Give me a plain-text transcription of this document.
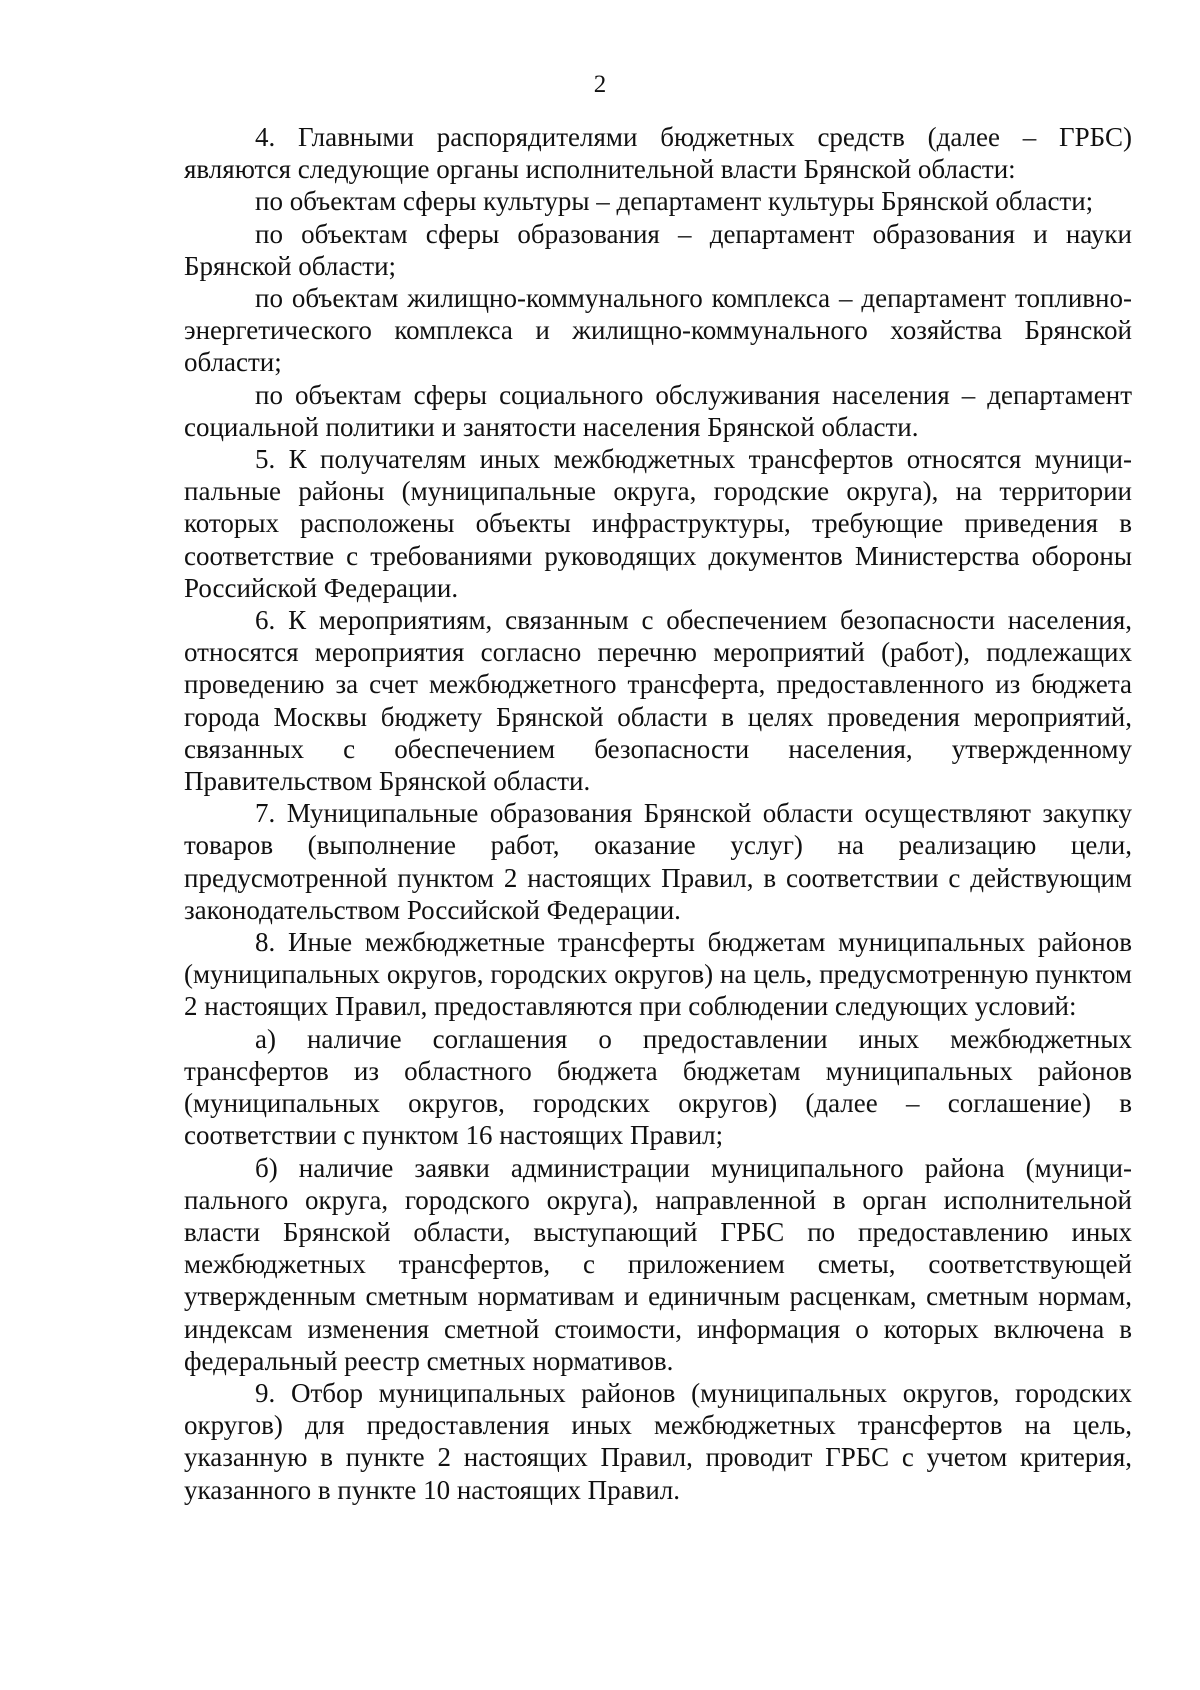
2

4. Главными распорядителями бюджетных средств (далее – ГРБС) являются следующие органы исполнительной власти Брянской области:

по объектам сферы культуры – департамент культуры Брянской области;

по объектам сферы образования – департамент образования и науки Брянской области;

по объектам жилищно-коммунального комплекса – департамент топливно-энергетического комплекса и жилищно-коммунального хозяйства Брянской области;

по объектам сферы социального обслуживания населения – департамент социальной политики и занятости населения Брянской области.

5. К получателям иных межбюджетных трансфертов относятся муниципальные районы (муниципальные округа, городские округа), на территории которых расположены объекты инфраструктуры, требующие приведения в соответствие с требованиями руководящих документов Министерства обороны Российской Федерации.

6. К мероприятиям, связанным с обеспечением безопасности населения, относятся мероприятия согласно перечню мероприятий (работ), подлежащих проведению за счет межбюджетного трансферта, предоставленного из бюджета города Москвы бюджету Брянской области в целях проведения мероприятий, связанных с обеспечением безопасности населения, утвержденному Правительством Брянской области.

7. Муниципальные образования Брянской области осуществляют закупку товаров (выполнение работ, оказание услуг) на реализацию цели, предусмотренной пунктом 2 настоящих Правил, в соответствии с действующим законодательством Российской Федерации.

8. Иные межбюджетные трансферты бюджетам муниципальных районов (муниципальных округов, городских округов) на цель, предусмотренную пунктом 2 настоящих Правил, предоставляются при соблюдении следующих условий:

а) наличие соглашения о предоставлении иных межбюджетных трансфертов из областного бюджета бюджетам муниципальных районов (муниципальных округов, городских округов) (далее – соглашение) в соответствии с пунктом 16 настоящих Правил;

б) наличие заявки администрации муниципального района (муниципального округа, городского округа), направленной в орган исполнительной власти Брянской области, выступающий ГРБС по предоставлению иных межбюджетных трансфертов, с приложением сметы, соответствующей утвержденным сметным нормативам и единичным расценкам, сметным нормам, индексам изменения сметной стоимости, информация о которых включена в федеральный реестр сметных нормативов.

9. Отбор муниципальных районов (муниципальных округов, городских округов) для предоставления иных межбюджетных трансфертов на цель, указанную в пункте 2 настоящих Правил, проводит ГРБС с учетом критерия, указанного в пункте 10 настоящих Правил.
